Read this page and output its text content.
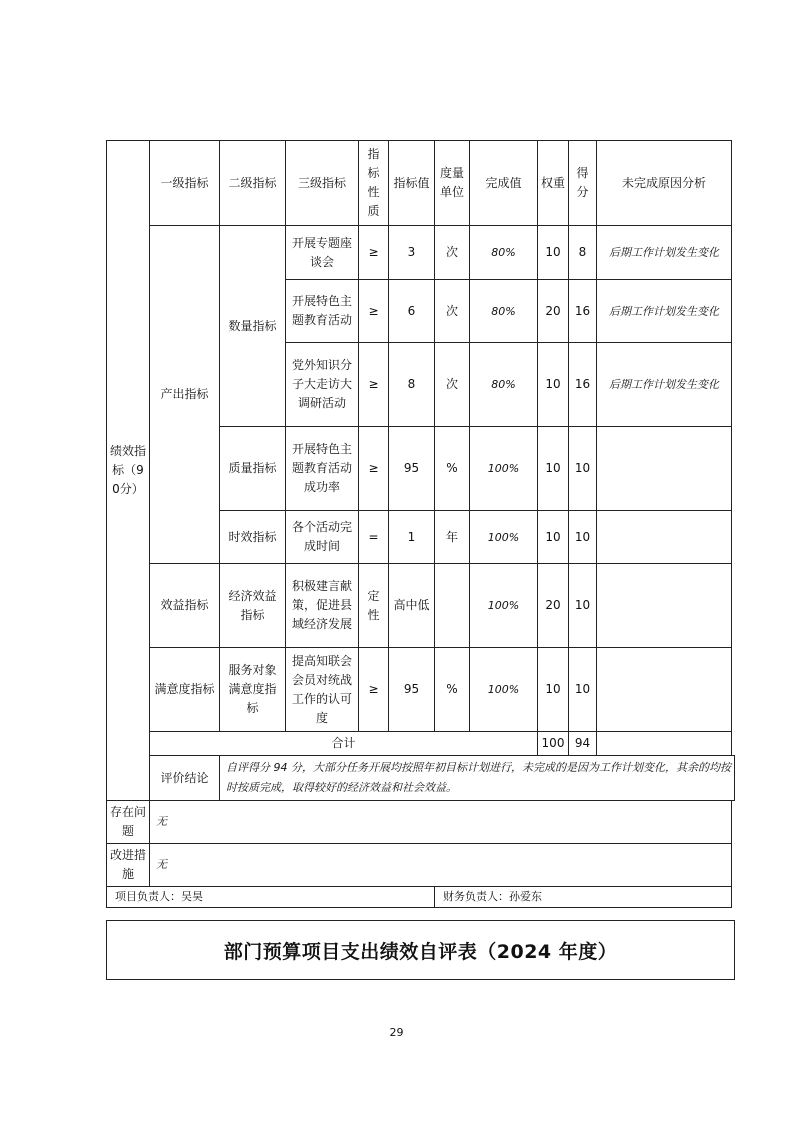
绩效指标（90分）	一级指标	二级指标	三级指标	指标性质	指标值	度量单位	完成值	权重	得分	未完成原因分析
	产出指标	数量指标	开展专题座谈会	≥	3	次	80%	10	8	后期工作计划发生变化
			开展特色主题教育活动	≥	6	次	80%	20	16	后期工作计划发生变化
			党外知识分子大走访大调研活动	≥	8	次	80%	10	16	后期工作计划发生变化
		质量指标	开展特色主题教育活动成功率	≥	95	%	100%	10	10	
		时效指标	各个活动完成时间	=	1	年	100%	10	10	
	效益指标	经济效益指标	积极建言献策，促进县域经济发展	定性	高中低		100%	20	10	
	满意度指标	服务对象满意度指标	提高知联会会员对统战工作的认可度	≥	95	%	100%	10	10	
	合计							100	94	
	评价结论	自评得分 94 分，大部分任务开展均按照年初目标计划进行，未完成的是因为工作计划变化，其余的均按时按质完成，取得较好的经济效益和社会效益。								
存在问题	无									
改进措施	无									
项目负责人：吴昊						财务负责人：孙爱东				
部门预算项目支出绩效自评表（2024 年度）
29
